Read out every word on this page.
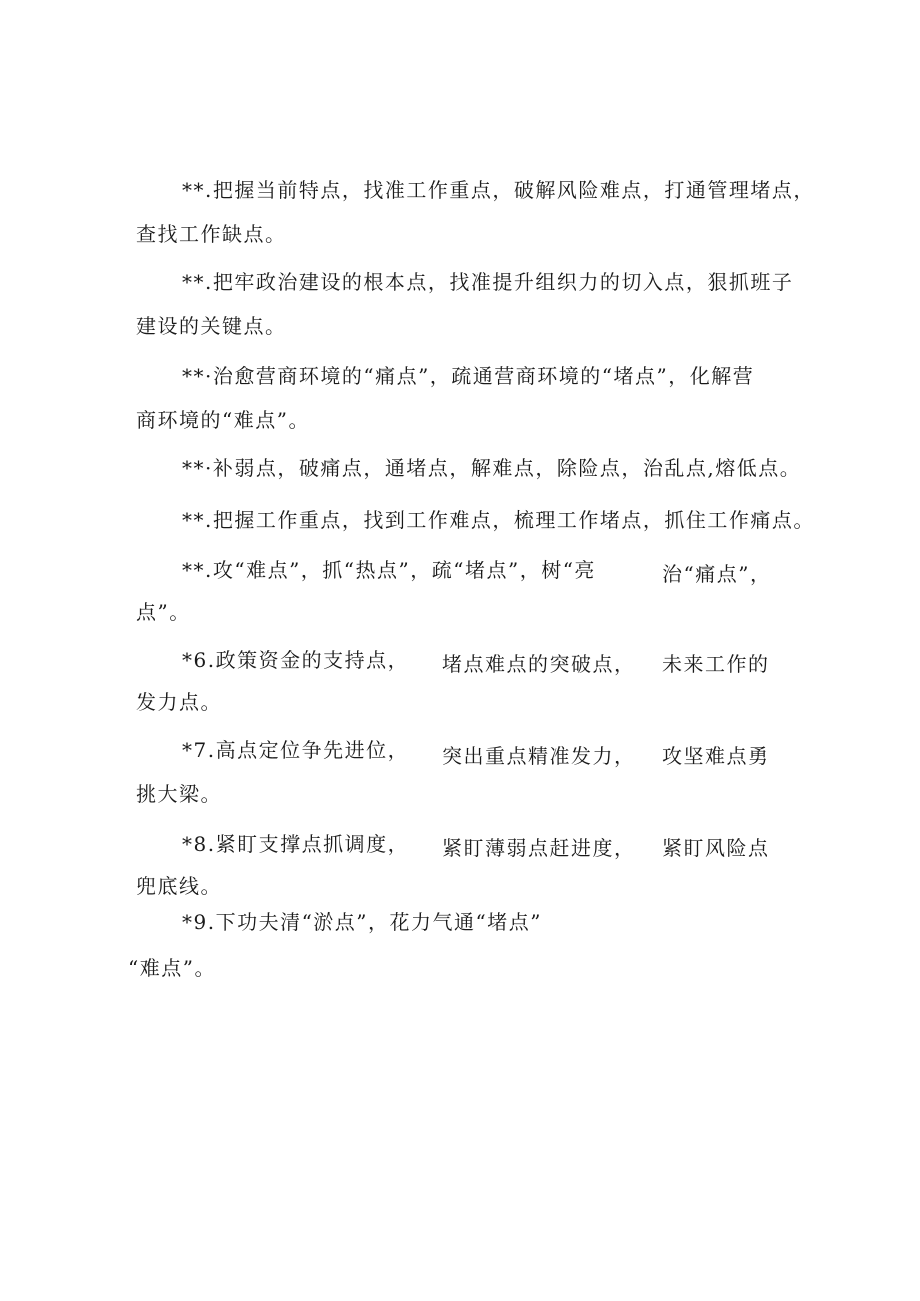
**.把握当前特点，找准工作重点，破解风险难点，打通管理堵点，
查找工作缺点。
**.把牢政治建设的根本点，找准提升组织力的切入点，狠抓班子
建设的关键点。
**·治愈营商环境的“痛点”，疏通营商环境的“堵点”，化解营
商环境的“难点”。
**·补弱点，破痛点，通堵点，解难点，除险点，治乱点,熔低点。
**.把握工作重点，找到工作难点，梳理工作堵点，抓住工作痛点。
**.攻“难点”，抓“热点”，疏“堵点”，树“亮	治“痛点”，
点”。
*6.政策资金的支持点， 堵点难点的突破点， 未来工作的
发力点。
*7.高点定位争先进位， 突出重点精准发力， 攻坚难点勇
挑大梁。
*8.紧盯支撑点抓调度， 紧盯薄弱点赶进度， 紧盯风险点
兜底线。
*9.下功夫清“淤点”，花力气通“堵点”
“难点”。
